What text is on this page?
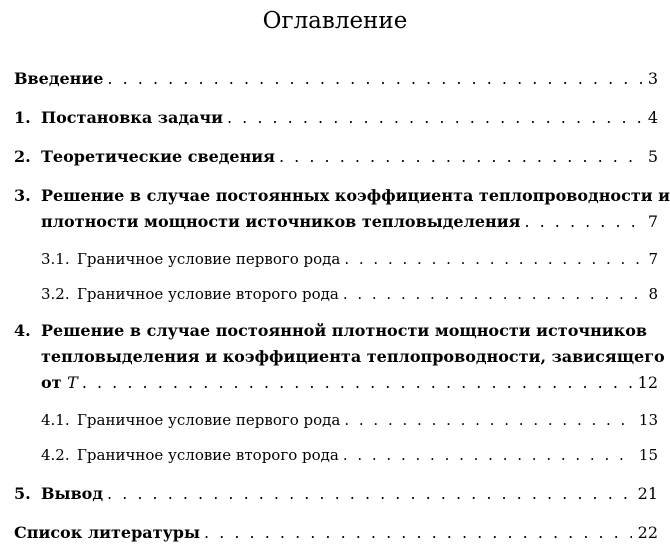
Оглавление
Введение . . .	3
1. Постановка задачи . . .	4
2. Теоретические сведения . . .	5
3. Решение в случае постоянных коэффициента теплопроводности и
плотности мощности источников тепловыделения . . .	7
3.1. Граничное условие первого рода . . .	7
3.2. Граничное условие второго рода . . .	8
4. Решение в случае постоянной плотности мощности источников
тепловыделения и коэффициента теплопроводности, зависящего
от T . . .	12
4.1. Граничное условие первого рода . . .	13
4.2. Граничное условие второго рода . . .	15
5. Вывод . . .	21
Список литературы . . .	22
